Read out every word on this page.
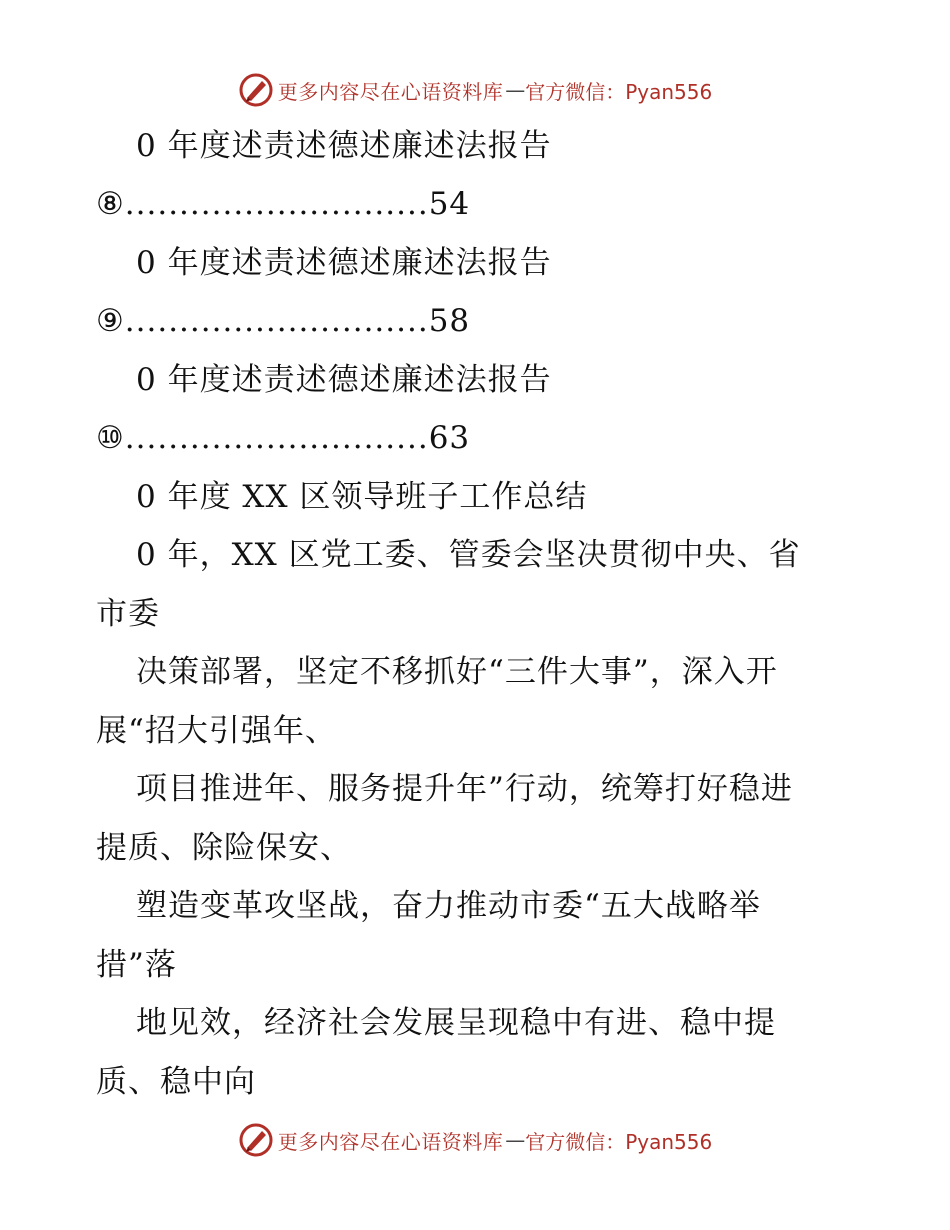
更多内容尽在心语资料库 — 官方微信：Pyan556
0 年度述责述德述廉述法报告
⑧............................54
0 年度述责述德述廉述法报告
⑨............................58
0 年度述责述德述廉述法报告
⑩............................63
0 年度 XX 区领导班子工作总结
0 年，XX 区党工委、管委会坚决贯彻中央、省
市委
决策部署，坚定不移抓好“三件大事”，深入开
展“招大引强年、
项目推进年、服务提升年”行动，统筹打好稳进
提质、除险保安、
塑造变革攻坚战，奋力推动市委“五大战略举
措”落
地见效，经济社会发展呈现稳中有进、稳中提
质、稳中向
更多内容尽在心语资料库 — 官方微信：Pyan556
